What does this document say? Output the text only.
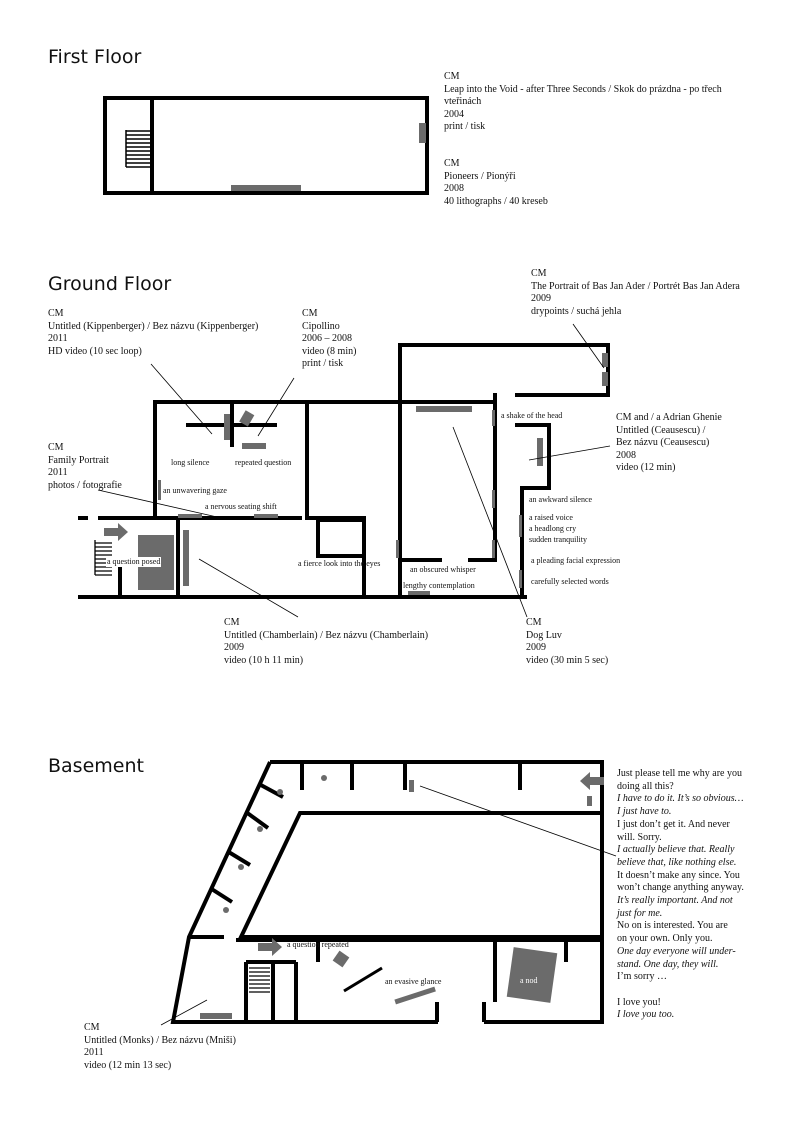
First Floor
CM
Leap into the Void - after Three Seconds / Skok do prázdna - po třech
vteřinách
2004
print / tisk
CM
Pioneers / Pionýři
2008
40 lithographs / 40 kreseb
Ground Floor
CM
Untitled (Kippenberger) / Bez názvu (Kippenberger)
2011
HD video (10 sec loop)
CM
Cipollino
2006 – 2008
video (8 min)
print / tisk
CM
The Portrait of Bas Jan Ader / Portrét Bas Jan Adera
2009
drypoints / suchá jehla
CM
Family Portrait
2011
photos / fotografie
CM and / a Adrian Ghenie
Untitled (Ceausescu) /
Bez názvu (Ceausescu)
2008
video (12 min)
CM
Untitled (Chamberlain) / Bez názvu (Chamberlain)
2009
video (10 h 11 min)
CM
Dog Luv
2009
video (30 min 5 sec)
long silence	repeated question
an unwavering gaze
a nervous seating shift
a question posed	a fierce look into the eyes
an obscured whisper
lengthy contemplation
a shake of the head
an awkward silence
a raised voice
a headlong cry
sudden tranquility
a pleading facial expression
carefully selected words
Basement
a question repeated
an evasive glance	a nod
CM
Untitled (Monks) / Bez názvu (Mniši)
2011
video (12 min 13 sec)
Just please tell me why are you
doing all this?
I have to do it. It’s so obvious…
I just have to.
I just don’t get it. And never
will. Sorry.
I actually believe that. Really
believe that, like nothing else.
It doesn’t make any since. You
won’t change anything anyway.
It’s really important. And not
just for me.
No on is interested. You are
on your own. Only you.
One day everyone will under-
stand. One day, they will.
I’m sorry …
I love you!
I love you too.
